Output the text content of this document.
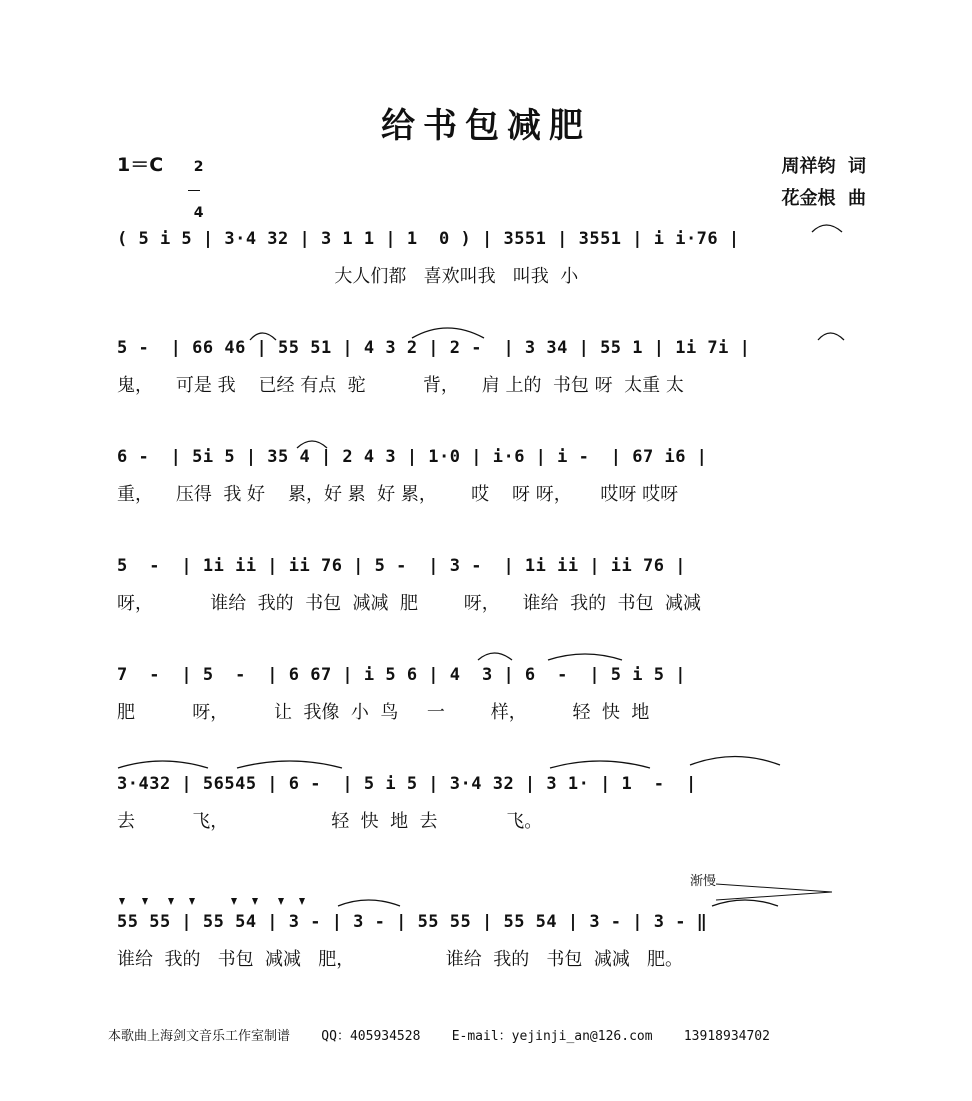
给书包减肥
1＝C	2

4

周祥钧  词
花金根  曲
( 5 i 5 | 3·4 32 | 3 1 1 | 1  0 ) | 3551 | 3551 | i i·76 |
大人们都   喜欢叫我   叫我  小
5 -  | 66 46 | 55 51 | 4 3 2 | 2 -  | 3 34 | 55 1 | 1i 7i |
鬼，    可是 我    已经 有点  驼          背，    肩 上的  书包 呀  太重 太
6 -  | 5i 5 | 35 4 | 2 4 3 | 1·0 | i·6 | i -  | 67 i6 |
重，    压得  我 好    累，好 累  好 累，      哎    呀 呀，     哎呀 哎呀
5  -  | 1i ii | ii 76 | 5 -  | 3 -  | 1i ii | ii 76 |
呀，          谁给  我的  书包  减减  肥        呀，    谁给  我的  书包  减减
7  -  | 5  -  | 6 67 | i 5 6 | 4  3 | 6  -  | 5 i 5 |
肥          呀，        让  我像  小  鸟     一        样，        轻  快  地
3·432 | 56545 | 6 -  | 5 i 5 | 3·4 32 | 3 1· | 1  -  |
去          飞，                  轻  快  地  去            飞。
渐慢
55 55 | 55 54 | 3 - | 3 - | 55 55 | 55 54 | 3 - | 3 - ‖
谁给  我的   书包  减减   肥，                谁给  我的   书包  减减   肥。
本歌曲上海剑文音乐工作室制谱    QQ：405934528    E-mail：yejinji_an@126.com    13918934702
